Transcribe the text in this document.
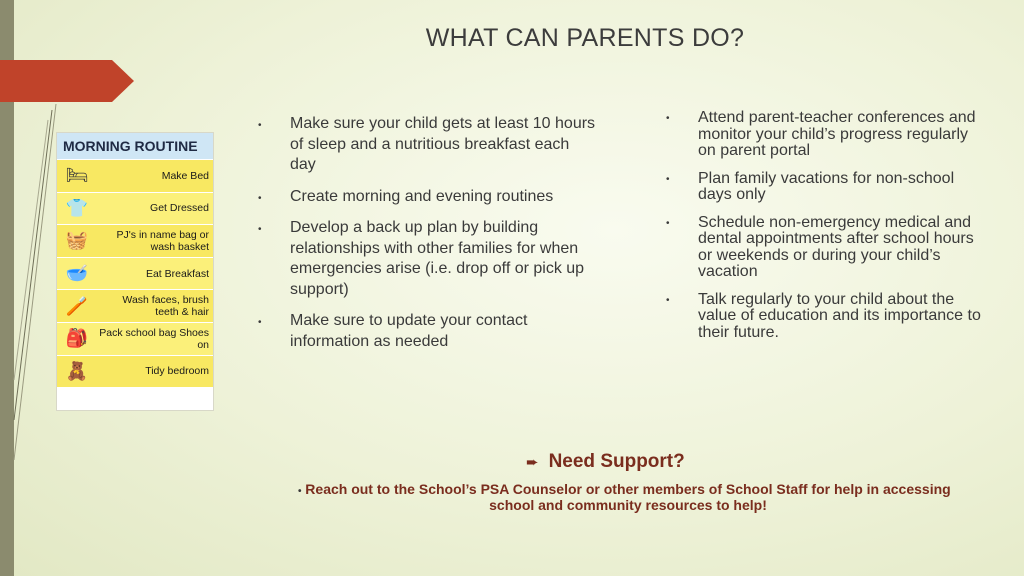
WHAT CAN PARENTS DO?
MORNING ROUTINE
🛏	Make Bed
👕	Get Dressed
🧺	PJ's in name bag or wash basket
🥣	Eat Breakfast
🪥	Wash faces, brush teeth & hair
🎒	Pack school bag Shoes on
🧸	Tidy bedroom
• Make sure your child gets at least 10 hours of sleep and a nutritious breakfast each day
• Create morning and evening routines
• Develop a back up plan by building relationships with other families for when emergencies arise (i.e. drop off or pick up support)
• Make sure to update your contact information as needed
• Attend parent-teacher conferences and monitor your child’s progress regularly on parent portal
• Plan family vacations for non-school days only
• Schedule non-emergency medical and dental appointments after school hours or weekends or during your child’s vacation
• Talk regularly to your child about the value of education and its importance to their future.
➨ Need Support?
• Reach out to the School’s PSA Counselor or other members of School Staff for help in accessing school and community resources to help!
